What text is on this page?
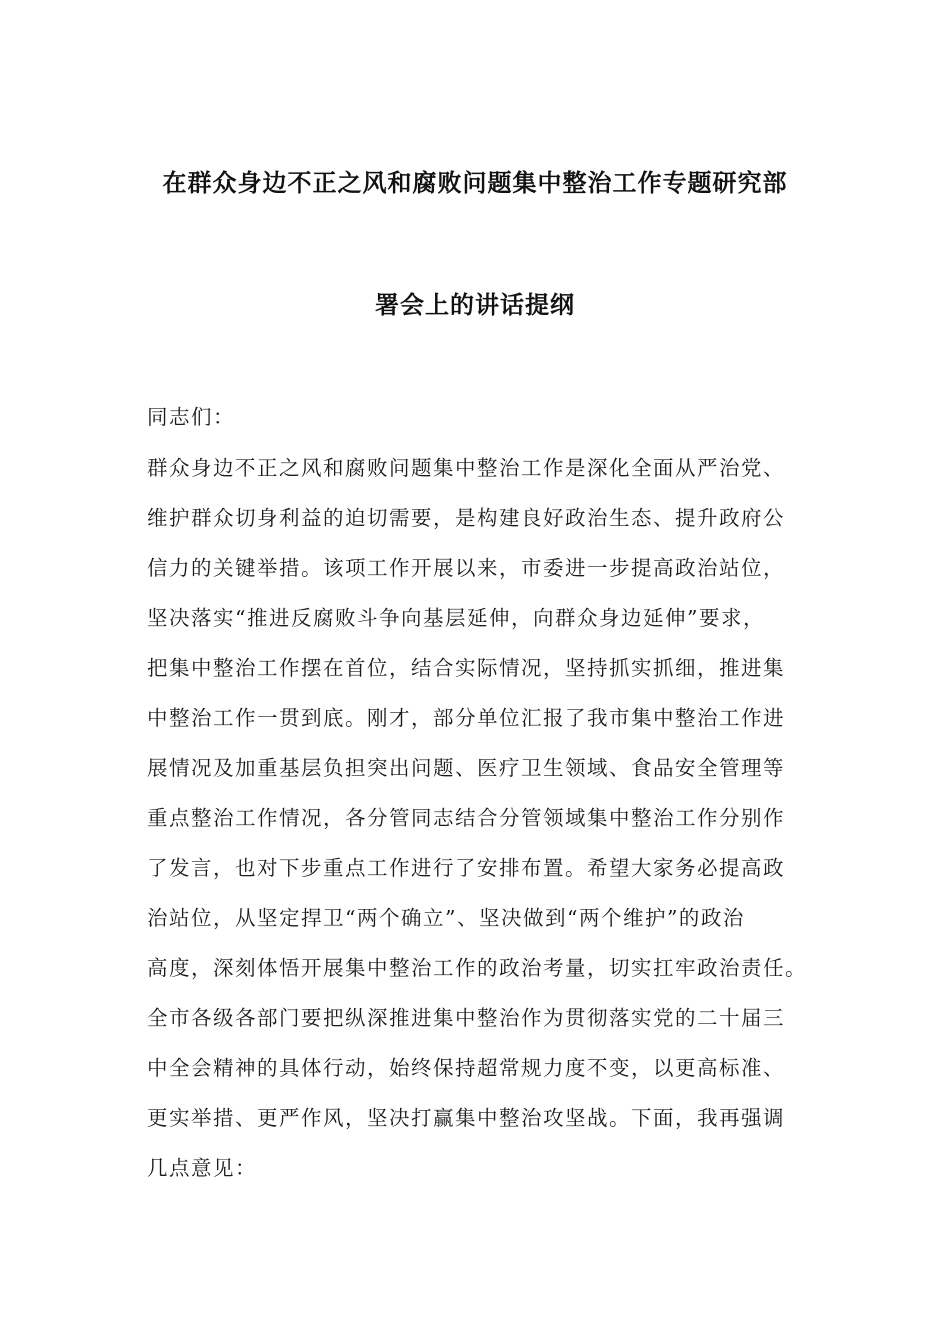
在群众身边不正之风和腐败问题集中整治工作专题研究部
署会上的讲话提纲
同志们：
群众身边不正之风和腐败问题集中整治工作是深化全面从严治党、
维护群众切身利益的迫切需要，是构建良好政治生态、提升政府公
信力的关键举措。该项工作开展以来，市委进一步提高政治站位，
坚决落实“推进反腐败斗争向基层延伸，向群众身边延伸”要求，
把集中整治工作摆在首位，结合实际情况，坚持抓实抓细，推进集
中整治工作一贯到底。刚才，部分单位汇报了我市集中整治工作进
展情况及加重基层负担突出问题、医疗卫生领域、食品安全管理等
重点整治工作情况，各分管同志结合分管领域集中整治工作分别作
了发言，也对下步重点工作进行了安排布置。希望大家务必提高政
治站位，从坚定捍卫“两个确立”、坚决做到“两个维护”的政治
高度，深刻体悟开展集中整治工作的政治考量，切实扛牢政治责任。
全市各级各部门要把纵深推进集中整治作为贯彻落实党的二十届三
中全会精神的具体行动，始终保持超常规力度不变，以更高标准、
更实举措、更严作风，坚决打赢集中整治攻坚战。下面，我再强调
几点意见：
